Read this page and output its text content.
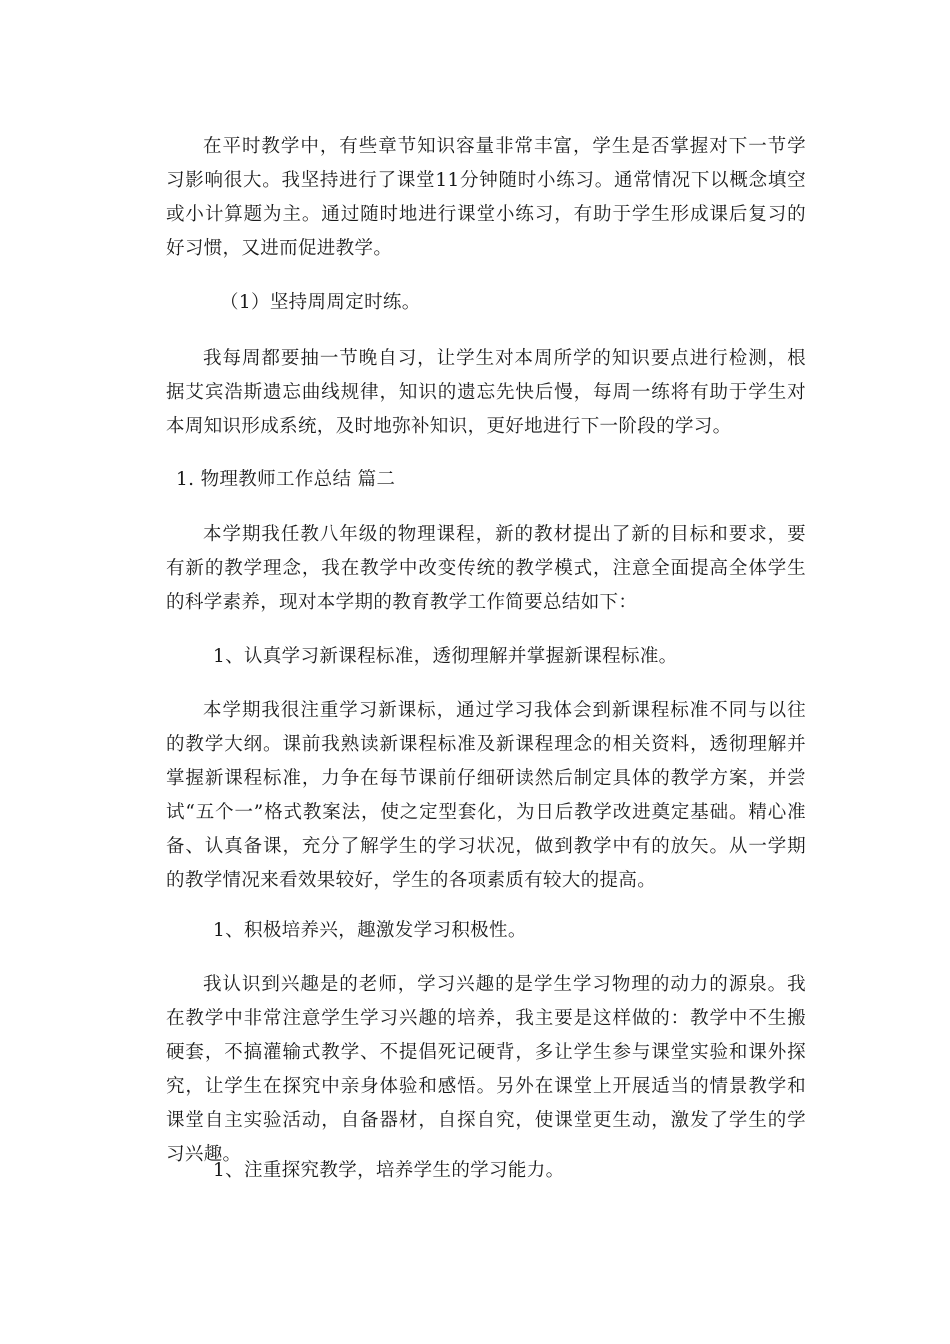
在平时教学中，有些章节知识容量非常丰富，学生是否掌握对下一节学习影响很大。我坚持进行了课堂11分钟随时小练习。通常情况下以概念填空或小计算题为主。通过随时地进行课堂小练习，有助于学生形成课后复习的好习惯，又进而促进教学。

（1）坚持周周定时练。

我每周都要抽一节晚自习，让学生对本周所学的知识要点进行检测，根据艾宾浩斯遗忘曲线规律，知识的遗忘先快后慢，每周一练将有助于学生对本周知识形成系统，及时地弥补知识，更好地进行下一阶段的学习。

1. 物理教师工作总结 篇二

本学期我任教八年级的物理课程，新的教材提出了新的目标和要求，要有新的教学理念，我在教学中改变传统的教学模式，注意全面提高全体学生的科学素养，现对本学期的教育教学工作简要总结如下：

1、认真学习新课程标准，透彻理解并掌握新课程标准。

本学期我很注重学习新课标，通过学习我体会到新课程标准不同与以往的教学大纲。课前我熟读新课程标准及新课程理念的相关资料，透彻理解并掌握新课程标准，力争在每节课前仔细研读然后制定具体的教学方案，并尝试“五个一”格式教案法，使之定型套化，为日后教学改进奠定基础。精心准备、认真备课，充分了解学生的学习状况，做到教学中有的放矢。从一学期的教学情况来看效果较好，学生的各项素质有较大的提高。

1、积极培养兴，趣激发学习积极性。

我认识到兴趣是的老师，学习兴趣的是学生学习物理的动力的源泉。我在教学中非常注意学生学习兴趣的培养，我主要是这样做的：教学中不生搬硬套，不搞灌输式教学、不提倡死记硬背，多让学生参与课堂实验和课外探究，让学生在探究中亲身体验和感悟。另外在课堂上开展适当的情景教学和课堂自主实验活动，自备器材，自探自究，使课堂更生动，激发了学生的学习兴趣。

1、注重探究教学，培养学生的学习能力。
